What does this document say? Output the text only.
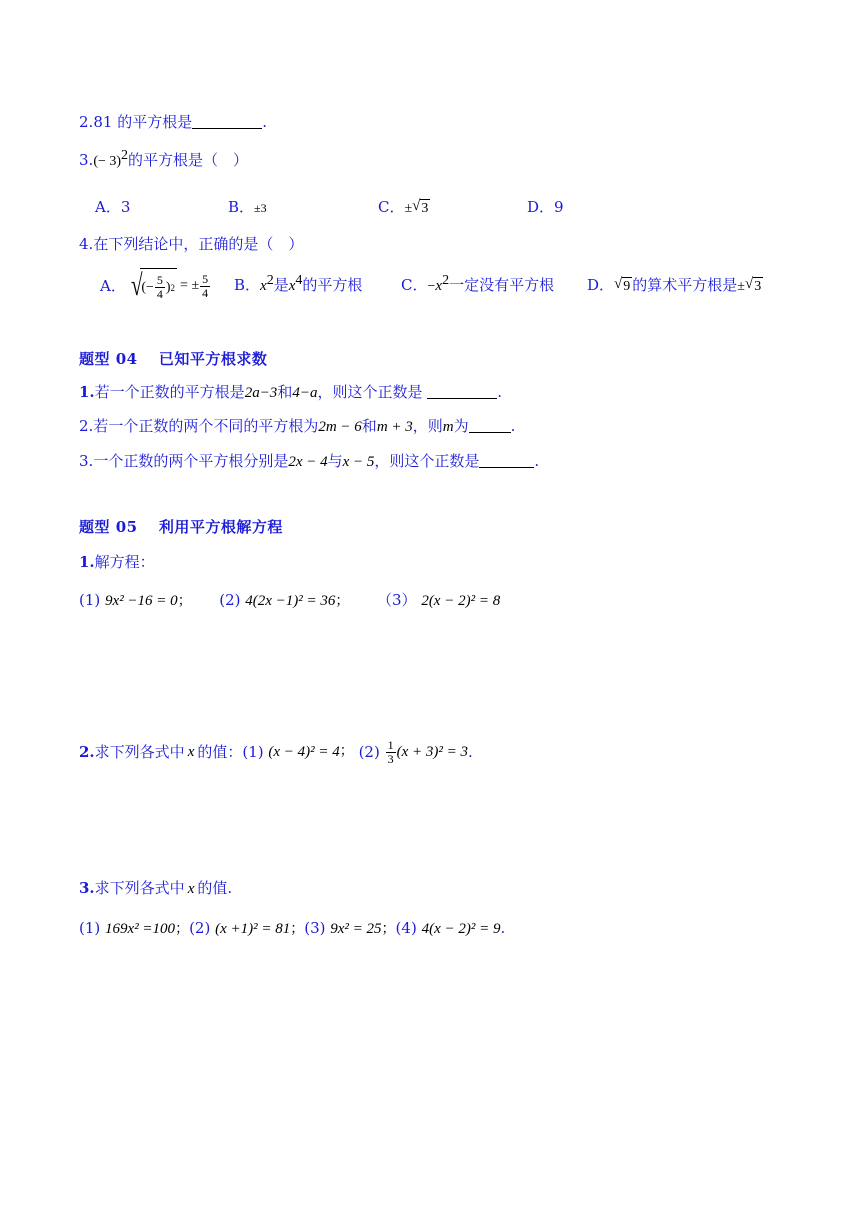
2.81 的平方根是	.
$3.(- 3)^2$的平方根是（　）
A．3	B．±3	C．± √ 3	D．9
4.在下列结论中，正确的是（　）
A． √ (− $\frac{5}{4}$ ) 2 = ± $\frac{5}{4}$ B．$x^2$是$x^4$的平方根	C．$-x^2$一定没有平方根 D． √ 9 的算术平方根是± √ 3
题型 04　 已知平方根求数
1.若一个正数的平方根是2a−3和4−a，则这个正数是	.
2.若一个正数的两个不同的平方根为2m − 6和m + 3，则m为	.
3.一个正数的两个平方根分别是2x − 4与x − 5，则这个正数是	.
题型 05　 利用平方根解方程
1.解方程：
(1) 9x² −16 = 0； (2) 4(2x −1)² = 36； （3） 2(x − 2)² = 8
2. 求下列各式中 x 的值： (1)
(x − 4)² = 4 ；
(2)
$\frac{1}{3} (x + 3)^2 = 3$ .
3.求下列各式中 x 的值.
(1) 169x² =100；(2) (x +1)² = 81；(3) 9x² = 25；(4) 4(x − 2)² = 9.
